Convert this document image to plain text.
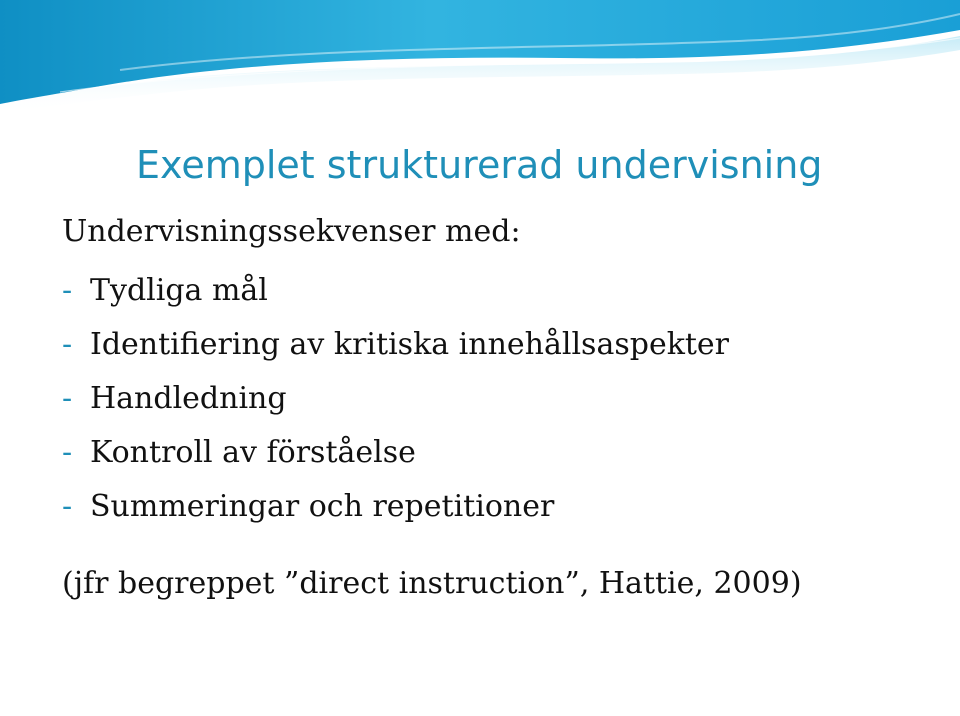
Exemplet strukturerad undervisning

Undervisningssekvenser med:

- Tydliga mål
- Identifiering av kritiska innehållsaspekter
- Handledning
- Kontroll av förståelse
- Summeringar och repetitioner

(jfr begreppet ”direct instruction”, Hattie, 2009)
